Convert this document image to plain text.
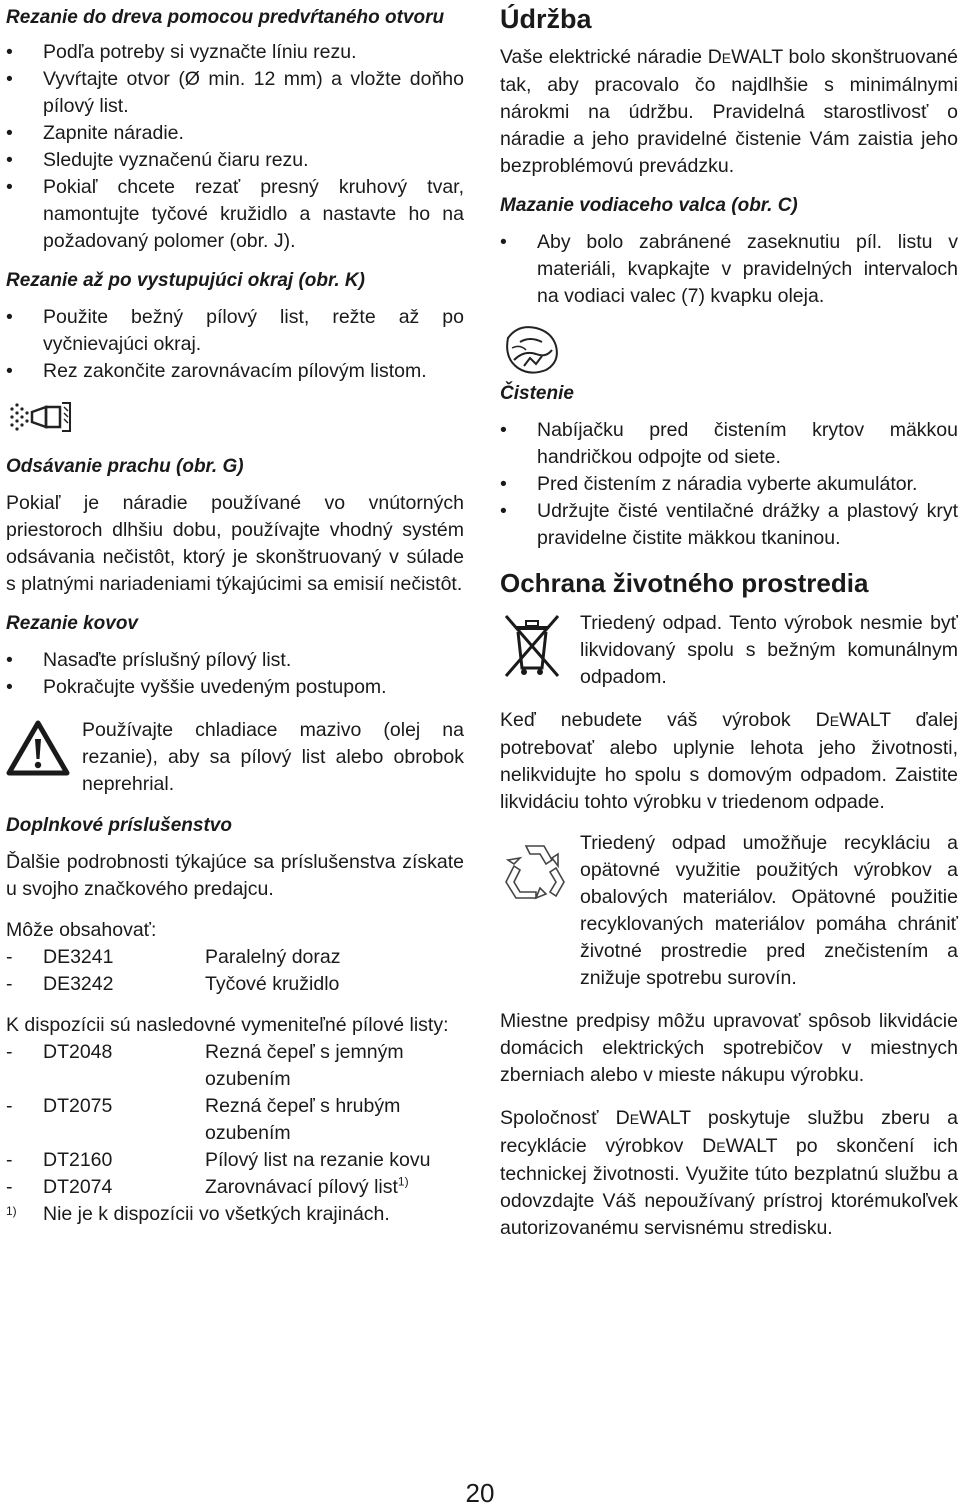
Rezanie do dreva pomocou predvŕtaného otvoru
• Podľa potreby si vyznačte líniu rezu.
• Vyvŕtajte otvor (Ø min. 12 mm) a vložte doňho pílový list.
• Zapnite náradie.
• Sledujte vyznačenú čiaru rezu.
• Pokiaľ chcete rezať presný kruhový tvar, namontujte tyčové kružidlo a nastavte ho na požadovaný polomer (obr. J).
Rezanie až po vystupujúci okraj (obr. K)
• Použite bežný pílový list, režte až po vyčnievajúci okraj.
• Rez zakončite zarovnávacím pílovým listom.
Odsávanie prachu (obr. G)

Pokiaľ je náradie používané vo vnútorných priestoroch dlhšiu dobu, používajte vhodný systém odsávania nečistôt, ktorý je skonštruovaný v súlade s platnými nariadeniami týkajúcimi sa emisií nečistôt.

Rezanie kovov
• Nasaďte príslušný pílový list.
• Pokračujte vyššie uvedeným postupom.

Používajte chladiace mazivo (olej na rezanie), aby sa pílový list alebo obrobok neprehrial.

Doplnkové príslušenstvo

Ďalšie podrobnosti týkajúce sa príslušenstva získate u svojho značkového predajcu.

Môže obsahovať:

-	DE3241	Paralelný doraz
-	DE3242	Tyčové kružidlo

K dispozícii sú nasledovné vymeniteľné pílové listy:

-	DT2048	Rezná čepeľ s jemným ozubením
-	DT2075	Rezná čepeľ s hrubým ozubením
-	DT2160	Pílový list na rezanie kovu
-	DT2074	Zarovnávací pílový list$^{1)}$
1)	Nie je k dispozícii vo všetkých krajinách.
Údržba

Vaše elektrické náradie DEWALT bolo skonštruované tak, aby pracovalo čo najdlhšie s minimálnymi nárokmi na údržbu. Pravidelná starostlivosť o náradie a jeho pravidelné čistenie Vám zaistia jeho bezproblémovú prevádzku.

Mazanie vodiaceho valca (obr. C)
• Aby bolo zabránené zaseknutiu píl. listu v materiáli, kvapkajte v pravidelných intervaloch na vodiaci valec (7) kvapku oleja.
Čistenie
• Nabíjačku pred čistením krytov mäkkou handričkou odpojte od siete.
• Pred čistením z náradia vyberte akumulátor.
• Udržujte čisté ventilačné drážky a plastový kryt pravidelne čistite mäkkou tkaninou.
Ochrana životného prostredia

Triedený odpad. Tento výrobok nesmie byť likvidovaný spolu s bežným komunálnym odpadom.

Keď nebudete váš výrobok DEWALT ďalej potrebovať alebo uplynie lehota jeho životnosti, nelikvidujte ho spolu s domovým odpadom. Zaistite likvidáciu tohto výrobku v triedenom odpade.

Triedený odpad umožňuje recykláciu a opätovné využitie použitých výrobkov a obalových materiálov. Opätovné použitie recyklovaných materiálov pomáha chrániť životné prostredie pred znečistením a znižuje spotrebu surovín.

Miestne predpisy môžu upravovať spôsob likvidácie domácich elektrických spotrebičov v miestnych zberniach alebo v mieste nákupu výrobku.

Spoločnosť DEWALT poskytuje službu zberu a recyklácie výrobkov DEWALT po skončení ich technickej životnosti. Využite túto bezplatnú službu a odovzdajte Váš nepoužívaný prístroj ktorémukoľvek autorizovanému servisnému stredisku.

20
